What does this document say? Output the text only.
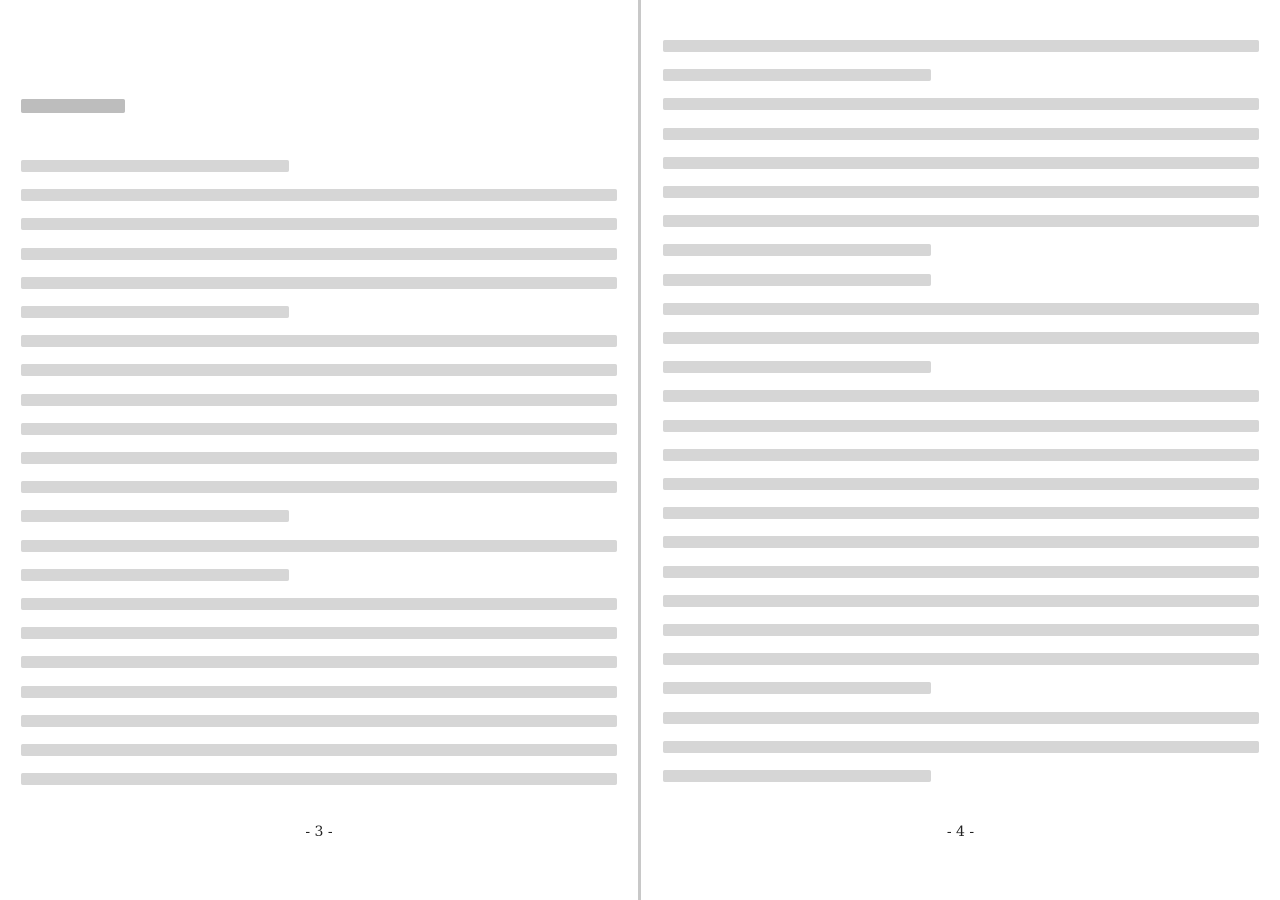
- 3 -	- 4 -
